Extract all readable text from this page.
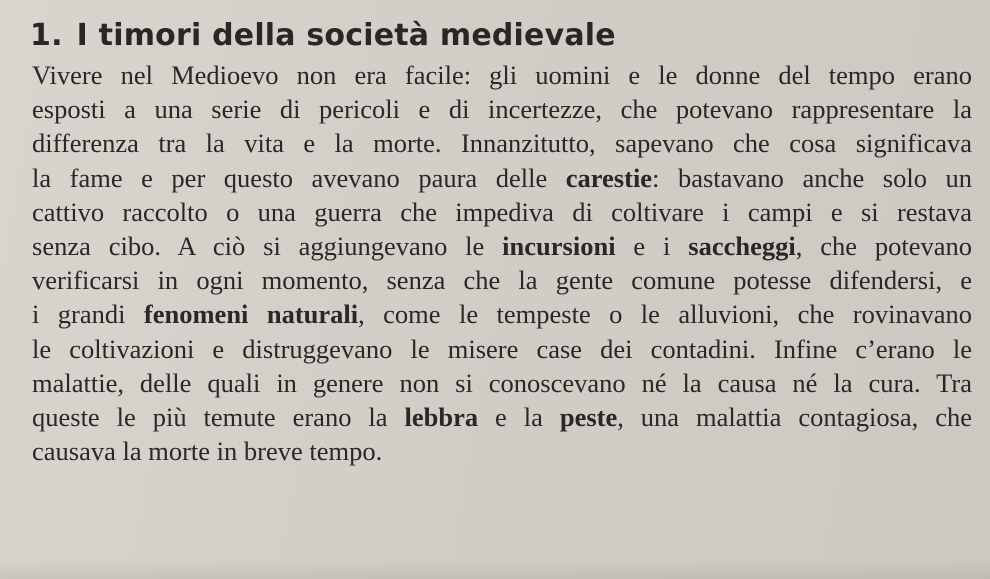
1. I timori della società medievale
Vivere nel Medioevo non era facile: gli uomini e le donne del tempo erano
esposti a una serie di pericoli e di incertezze, che potevano rappresentare la
differenza tra la vita e la morte. Innanzitutto, sapevano che cosa significava
la fame e per questo avevano paura delle carestie: bastavano anche solo un
cattivo raccolto o una guerra che impediva di coltivare i campi e si restava
senza cibo. A ciò si aggiungevano le incursioni e i saccheggi, che potevano
verificarsi in ogni momento, senza che la gente comune potesse difendersi, e
i grandi fenomeni naturali, come le tempeste o le alluvioni, che rovinavano
le coltivazioni e distruggevano le misere case dei contadini. Infine c’erano le
malattie, delle quali in genere non si conoscevano né la causa né la cura. Tra
queste le più temute erano la lebbra e la peste, una malattia contagiosa, che
causava la morte in breve tempo.
